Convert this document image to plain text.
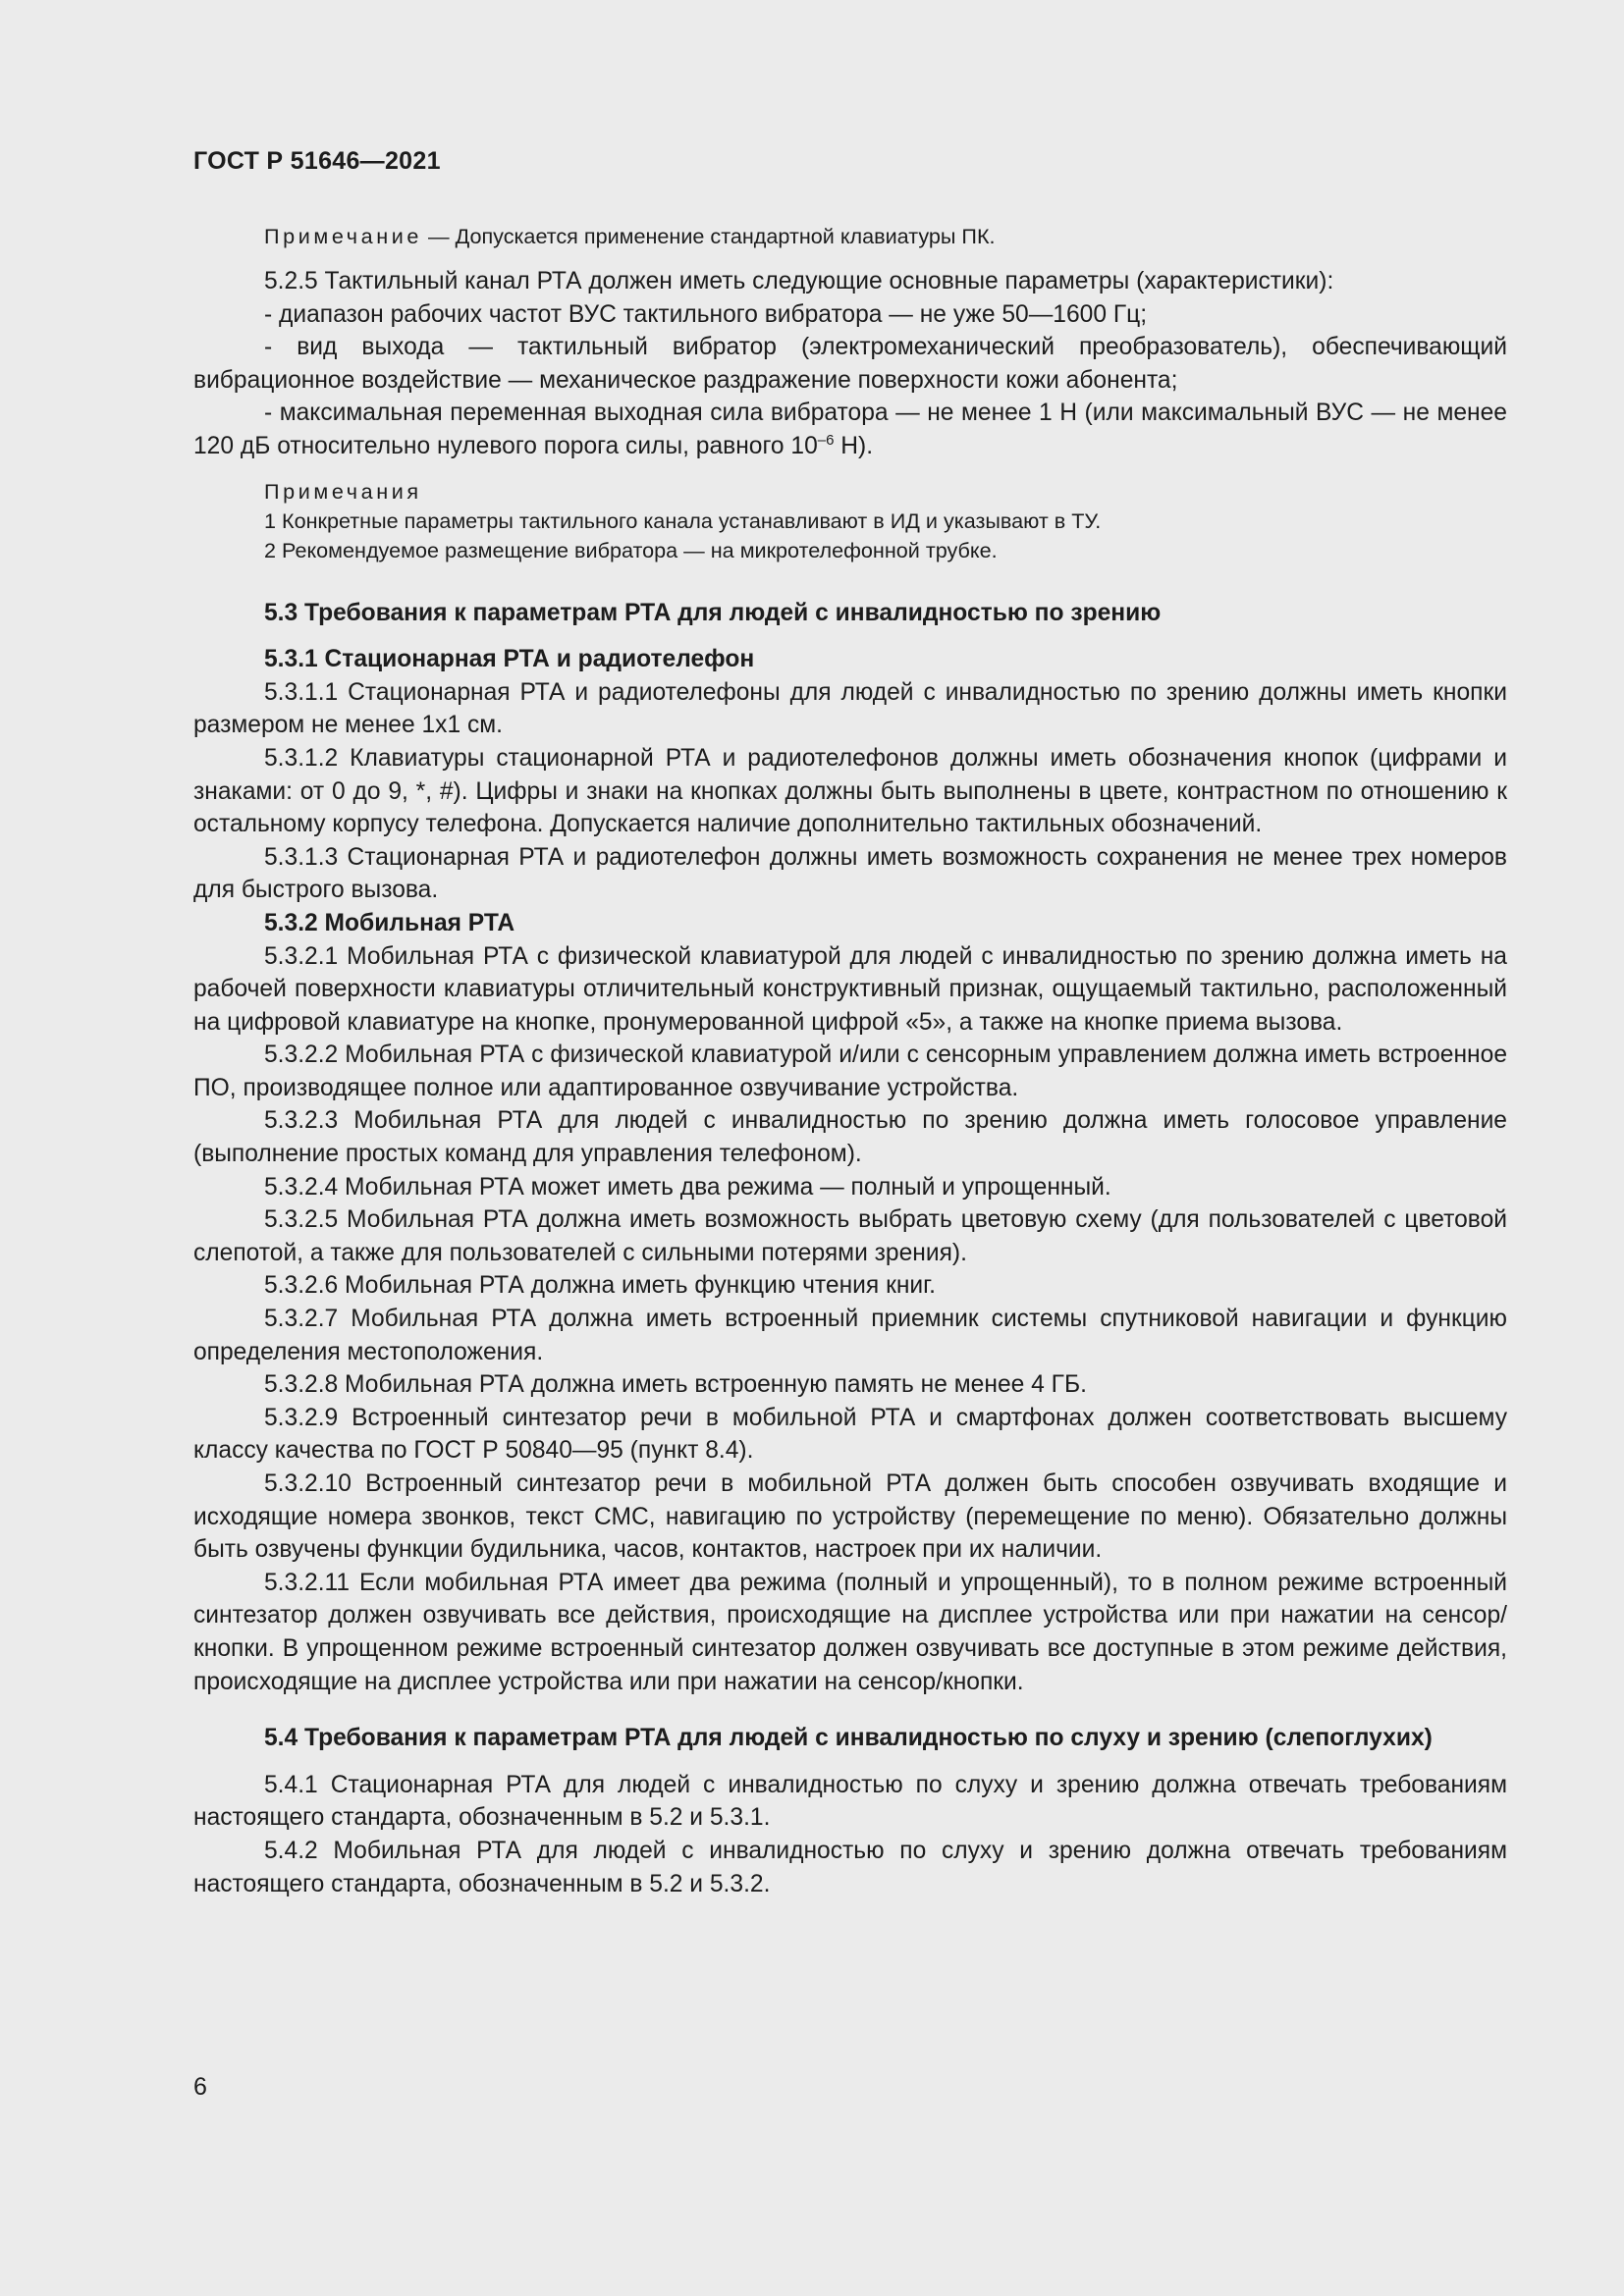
ГОСТ Р 51646—2021

Примечание — Допускается применение стандартной клавиатуры ПК.

5.2.5 Тактильный канал РТА должен иметь следующие основные параметры (характеристики):

- диапазон рабочих частот ВУС тактильного вибратора — не уже 50—1600 Гц;

- вид выхода — тактильный вибратор (электромеханический преобразователь), обеспечивающий вибрационное воздействие — механическое раздражение поверхности кожи абонента;

- максимальная переменная выходная сила вибратора — не менее 1 Н (или максимальный ВУС — не менее 120 дБ относительно нулевого порога силы, равного $10^{-6}$ Н).

Примечания

1 Конкретные параметры тактильного канала устанавливают в ИД и указывают в ТУ.

2 Рекомендуемое размещение вибратора — на микротелефонной трубке.

5.3 Требования к параметрам РТА для людей с инвалидностью по зрению

5.3.1 Стационарная РТА и радиотелефон

5.3.1.1 Стационарная РТА и радиотелефоны для людей с инвалидностью по зрению должны иметь кнопки размером не менее 1х1 см.

5.3.1.2 Клавиатуры стационарной РТА и радиотелефонов должны иметь обозначения кнопок (цифрами и знаками: от 0 до 9, *, #). Цифры и знаки на кнопках должны быть выполнены в цвете, контрастном по отношению к остальному корпусу телефона. Допускается наличие дополнительно тактильных обозначений.

5.3.1.3 Стационарная РТА и радиотелефон должны иметь возможность сохранения не менее трех номеров для быстрого вызова.

5.3.2 Мобильная РТА

5.3.2.1 Мобильная РТА с физической клавиатурой для людей с инвалидностью по зрению должна иметь на рабочей поверхности клавиатуры отличительный конструктивный признак, ощущаемый тактильно, расположенный на цифровой клавиатуре на кнопке, пронумерованной цифрой «5», а также на кнопке приема вызова.

5.3.2.2 Мобильная РТА с физической клавиатурой и/или с сенсорным управлением должна иметь встроенное ПО, производящее полное или адаптированное озвучивание устройства.

5.3.2.3 Мобильная РТА для людей с инвалидностью по зрению должна иметь голосовое управление (выполнение простых команд для управления телефоном).

5.3.2.4 Мобильная РТА может иметь два режима — полный и упрощенный.

5.3.2.5 Мобильная РТА должна иметь возможность выбрать цветовую схему (для пользователей с цветовой слепотой, а также для пользователей с сильными потерями зрения).

5.3.2.6 Мобильная РТА должна иметь функцию чтения книг.

5.3.2.7 Мобильная РТА должна иметь встроенный приемник системы спутниковой навигации и функцию определения местоположения.

5.3.2.8 Мобильная РТА должна иметь встроенную память не менее 4 ГБ.

5.3.2.9 Встроенный синтезатор речи в мобильной РТА и смартфонах должен соответствовать высшему классу качества по ГОСТ Р 50840—95 (пункт 8.4).

5.3.2.10 Встроенный синтезатор речи в мобильной РТА должен быть способен озвучивать входящие и исходящие номера звонков, текст СМС, навигацию по устройству (перемещение по меню). Обязательно должны быть озвучены функции будильника, часов, контактов, настроек при их наличии.

5.3.2.11 Если мобильная РТА имеет два режима (полный и упрощенный), то в полном режиме встроенный синтезатор должен озвучивать все действия, происходящие на дисплее устройства или при нажатии на сенсор/кнопки. В упрощенном режиме встроенный синтезатор должен озвучивать все доступные в этом режиме действия, происходящие на дисплее устройства или при нажатии на сенсор/кнопки.

5.4 Требования к параметрам РТА для людей с инвалидностью по слуху и зрению (слепоглухих)

5.4.1 Стационарная РТА для людей с инвалидностью по слуху и зрению должна отвечать требованиям настоящего стандарта, обозначенным в 5.2 и 5.3.1.

5.4.2 Мобильная РТА для людей с инвалидностью по слуху и зрению должна отвечать требованиям настоящего стандарта, обозначенным в 5.2 и 5.3.2.

6
